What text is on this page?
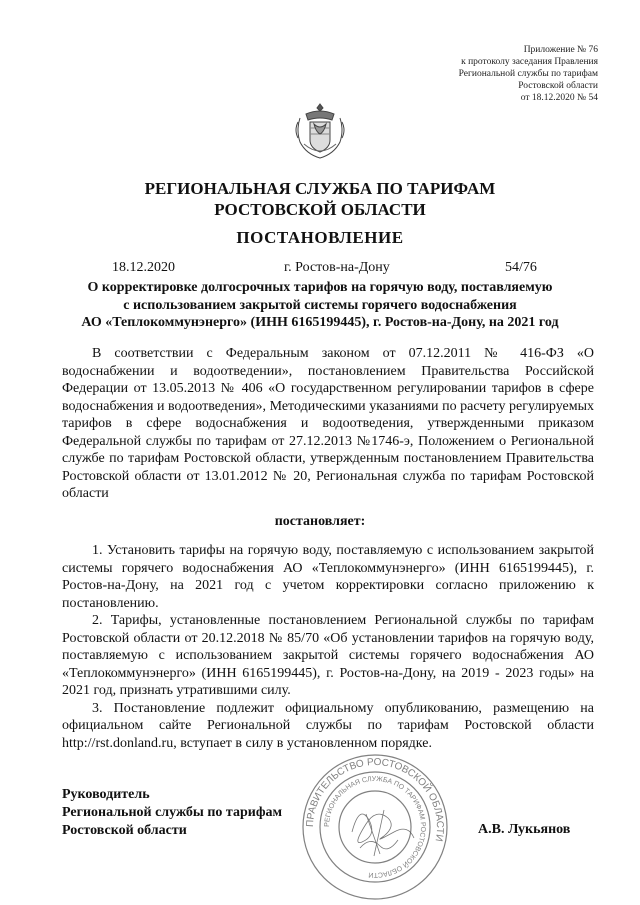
Приложение № 76
к протоколу заседания Правления
Региональной службы по тарифам
Ростовской области
от 18.12.2020 № 54
РЕГИОНАЛЬНАЯ СЛУЖБА ПО ТАРИФАМ
РОСТОВСКОЙ ОБЛАСТИ
ПОСТАНОВЛЕНИЕ
18.12.2020	г. Ростов-на-Дону	54/76
О корректировке долгосрочных тарифов на горячую воду, поставляемую
с использованием закрытой системы горячего водоснабжения
АО «Теплокоммунэнерго» (ИНН 6165199445), г. Ростов-на-Дону, на 2021 год

В соответствии с Федеральным законом от 07.12.2011 № 416-ФЗ «О водоснабжении и водоотведении», постановлением Правительства Российской Федерации от 13.05.2013 № 406 «О государственном регулировании тарифов в сфере водоснабжения и водоотведения», Методическими указаниями по расчету регулируемых тарифов в сфере водоснабжения и водоотведения, утвержденными приказом Федеральной службы по тарифам от 27.12.2013 №1746-э, Положением о Региональной службе по тарифам Ростовской области, утвержденным постановлением Правительства Ростовской области от 13.01.2012 № 20, Региональная служба по тарифам Ростовской области

постановляет:

1. Установить тарифы на горячую воду, поставляемую с использованием закрытой системы горячего водоснабжения АО «Теплокоммунэнерго» (ИНН 6165199445), г. Ростов-на-Дону, на 2021 год с учетом корректировки согласно приложению к постановлению.

2. Тарифы, установленные постановлением Региональной службы по тарифам Ростовской области от 20.12.2018 № 85/70 «Об установлении тарифов на горячую воду, поставляемую с использованием закрытой системы горячего водоснабжения АО «Теплокоммунэнерго» (ИНН 6165199445), г. Ростов-на-Дону, на 2019 - 2023 годы» на 2021 год, признать утратившими силу.

3. Постановление подлежит официальному опубликованию, размещению на официальном сайте Региональной службы по тарифам Ростовской области http://rst.donland.ru, вступает в силу в установленном порядке.

ПРАВИТЕЛЬСТВО РОСТОВСКОЙ ОБЛАСТИ
РЕГИОНАЛЬНАЯ СЛУЖБА ПО ТАРИФАМ РОСТОВСКОЙ ОБЛАСТИ
Руководитель
Региональной службы по тарифам
Ростовской области	А.В. Лукьянов
